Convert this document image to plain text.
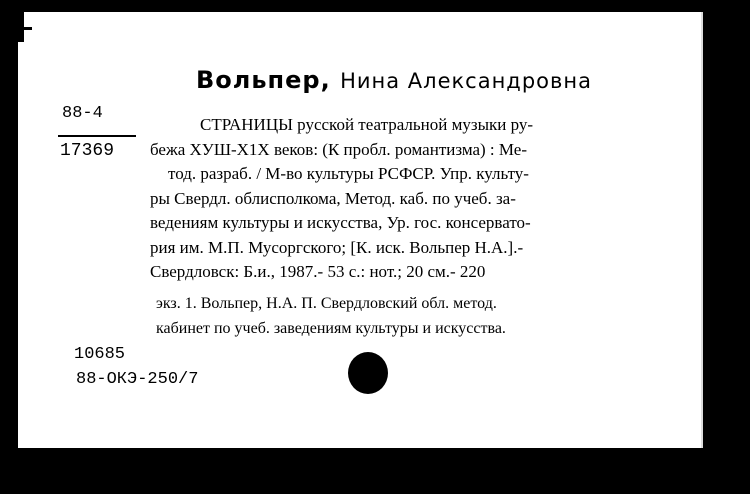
Вольпер, Нина Александровна
88-4
17369
СТРАНИЦЫ русской театральной музыки ру-
бежа ХУШ-Х1Х веков: (К пробл. романтизма) : Ме-
тод. разраб. / М-во культуры РСФСР. Упр. культу-
ры Свердл. облисполкома, Метод. каб. по учеб. за-
ведениям культуры и искусства, Ур. гос. консервато-
рия им. М.П. Мусоргского; [К. иск. Вольпер Н.А.].-
Свердловск: Б.и., 1987.- 53 с.: нот.; 20 см.- 220
экз. 1. Вольпер, Н.А. П. Свердловский обл. метод.
кабинет по учеб. заведениям культуры и искусства.
10685
88-ОКЭ-250/7
